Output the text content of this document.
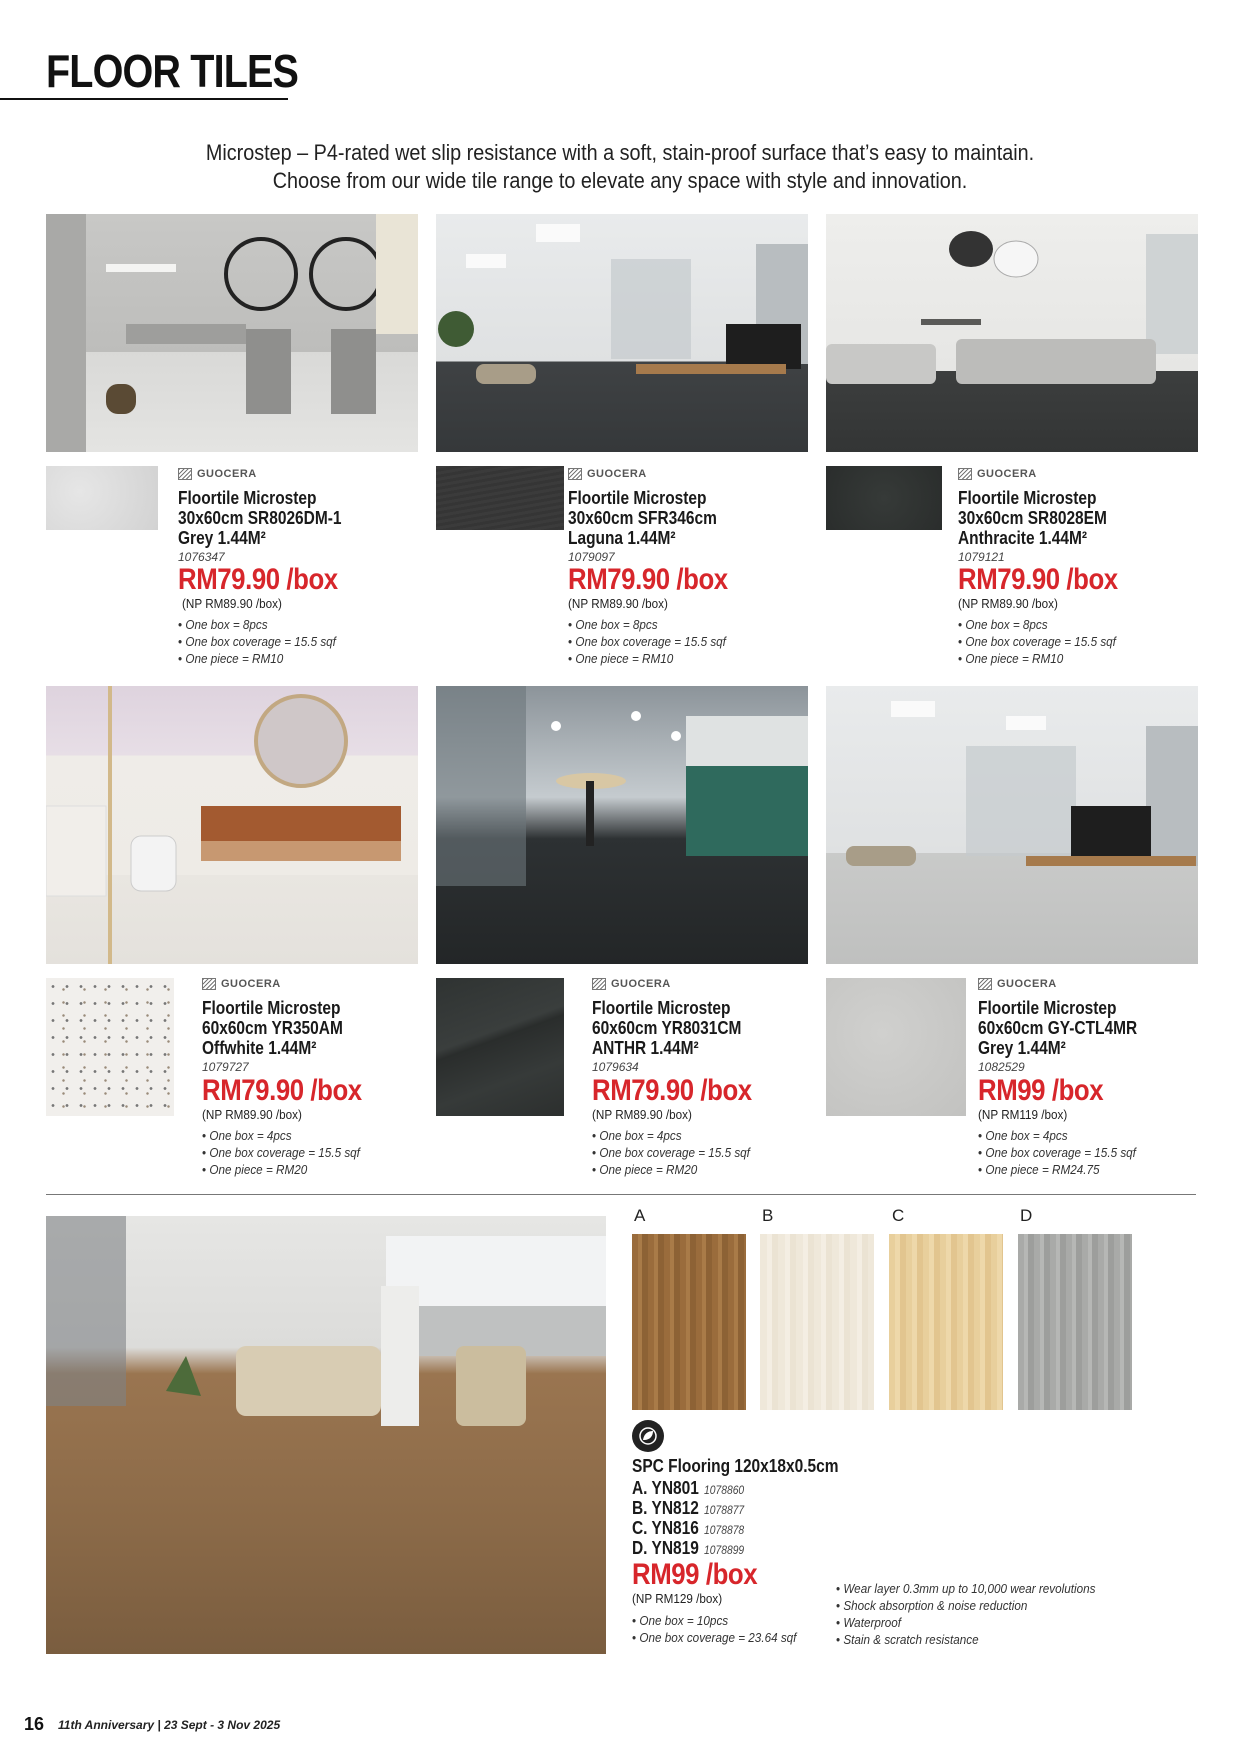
FLOOR TILES
Microstep – P4-rated wet slip resistance with a soft, stain-proof surface that’s easy to maintain.
Choose from our wide tile range to elevate any space with style and innovation.
GUOCERA
Floortile Microstep
30x60cm SR8026DM-1
Grey 1.44M²
1076347
RM79.90 /box
(NP RM89.90 /box)
• One box = 8pcs
• One box coverage = 15.5 sqf
• One piece = RM10
GUOCERA
Floortile Microstep
30x60cm SFR346cm
Laguna 1.44M²
1079097
RM79.90 /box
(NP RM89.90 /box)
• One box = 8pcs
• One box coverage = 15.5 sqf
• One piece = RM10
GUOCERA
Floortile Microstep
30x60cm SR8028EM
Anthracite 1.44M²
1079121
RM79.90 /box
(NP RM89.90 /box)
• One box = 8pcs
• One box coverage = 15.5 sqf
• One piece = RM10
GUOCERA
Floortile Microstep
60x60cm YR350AM
Offwhite 1.44M²
1079727
RM79.90 /box
(NP RM89.90 /box)
• One box = 4pcs
• One box coverage = 15.5 sqf
• One piece = RM20
GUOCERA
Floortile Microstep
60x60cm YR8031CM
ANTHR 1.44M²
1079634
RM79.90 /box
(NP RM89.90 /box)
• One box = 4pcs
• One box coverage = 15.5 sqf
• One piece = RM20
GUOCERA
Floortile Microstep
60x60cm GY-CTL4MR
Grey 1.44M²
1082529
RM99 /box
(NP RM119 /box)
• One box = 4pcs
• One box coverage = 15.5 sqf
• One piece = RM24.75
A	B	C	D
SPC Flooring 120x18x0.5cm
A. YN801 1078860
B. YN812 1078877
C. YN816 1078878
D. YN819 1078899
RM99 /box
(NP RM129 /box)
• One box = 10pcs
• One box coverage = 23.64 sqf
• Wear layer 0.3mm up to 10,000 wear revolutions
• Shock absorption & noise reduction
• Waterproof
• Stain & scratch resistance
16 11th Anniversary | 23 Sept - 3 Nov 2025
